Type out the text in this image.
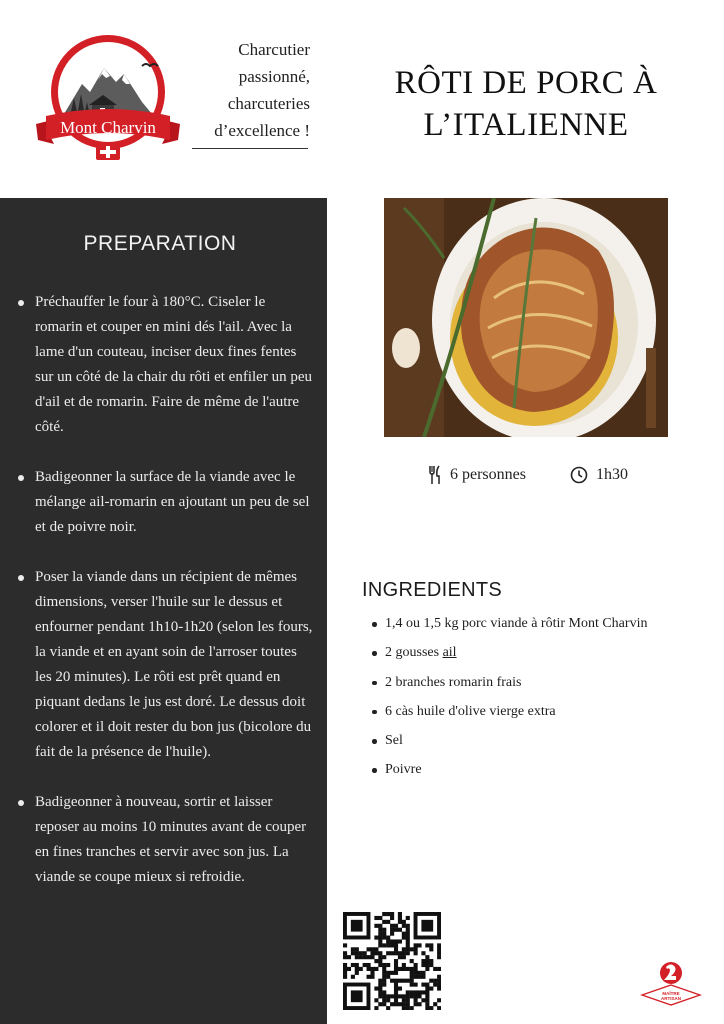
Mont Charvin
Charcutier
passionné,
charcuteries
d’excellence !
RÔTI DE PORC À
L’ITALIENNE
PREPARATION
Préchauffer le four à 180°C. Ciseler le romarin et couper en mini dés l'ail. Avec la lame d'un couteau, inciser deux fines fentes sur un côté de la chair du rôti et enfiler un peu d'ail et de romarin. Faire de même de l'autre côté.
Badigeonner la surface de la viande avec le mélange ail-romarin en ajoutant un peu de sel et de poivre noir.
Poser la viande dans un récipient de mêmes dimensions, verser l'huile sur le dessus et enfourner pendant 1h10-1h20 (selon les fours, la viande et en ayant soin de l'arroser toutes les 20 minutes). Le rôti est prêt quand en piquant dedans le jus est doré. Le dessus doit colorer et il doit rester du bon jus (bicolore du fait de la présence de l'huile).
Badigeonner à nouveau, sortir et laisser reposer au moins 10 minutes avant de couper en fines tranches et servir avec son jus. La viande se coupe mieux si refroidie.
6 personnes	1h30
INGREDIENTS
1,4 ou 1,5 kg porc viande à rôtir Mont Charvin
2 gousses ail
2 branches romarin frais
6 càs huile d'olive vierge extra
Sel
Poivre
MAÎTRE
ARTISAN
